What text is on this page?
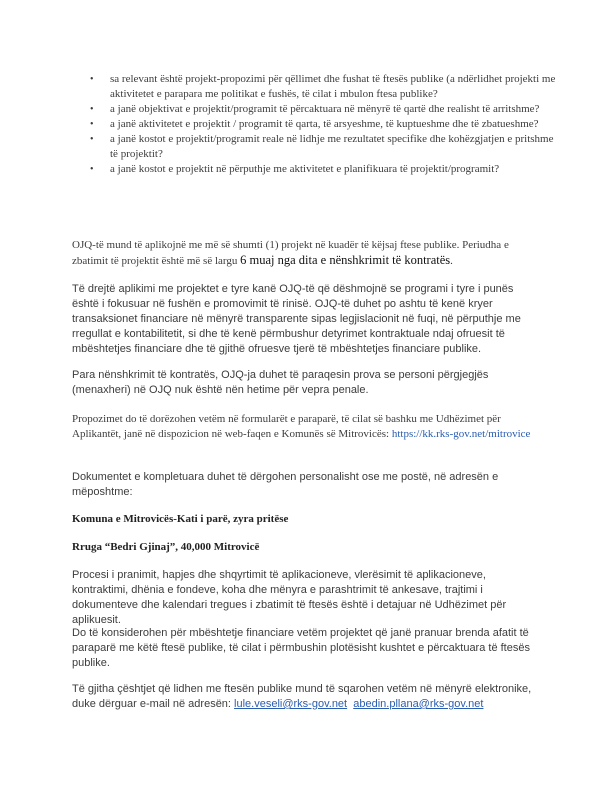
•	sa relevant është projekt-propozimi për qëllimet dhe fushat të ftesës publike (a ndërlidhet projekti me aktivitetet e parapara me politikat e fushës, të cilat i mbulon ftesa publike?
•	a janë objektivat e projektit/programit të përcaktuara në mënyrë të qartë dhe realisht të arritshme?
•	a janë aktivitetet e projektit / programit të qarta, të arsyeshme, të kuptueshme dhe të zbatueshme?
•	a janë kostot e projektit/programit reale në lidhje me rezultatet specifike dhe kohëzgjatjen e pritshme të projektit?
•	a janë kostot e projektit në përputhje me aktivitetet e planifikuara të projektit/programit?

OJQ-të mund të aplikojnë me më së shumti (1) projekt në kuadër të këjsaj ftese publike. Periudha e zbatimit të projektit është më së largu 6 muaj nga dita e nënshkrimit të kontratës.

Të drejtë aplikimi me projektet e tyre kanë OJQ-të që dëshmojnë se programi i tyre i punës është i fokusuar në fushën e promovimit të rinisë. OJQ-të duhet po ashtu të kenë kryer transaksionet financiare në mënyrë transparente sipas legjislacionit në fuqi, në përputhje me rregullat e kontabilitetit, si dhe të kenë përmbushur detyrimet kontraktuale ndaj ofruesit të mbështetjes financiare dhe të gjithë ofruesve tjerë të mbështetjes financiare publike.

Para nënshkrimit të kontratës, OJQ-ja duhet të paraqesin prova se personi përgjegjës (menaxheri) në OJQ nuk është nën hetime për vepra penale.

Propozimet do të dorëzohen vetëm në formularët e paraparë, të cilat së bashku me Udhëzimet për Aplikantët, janë në dispozicion në web-faqen e Komunës së Mitrovicës: https://kk.rks-gov.net/mitrovice

Dokumentet e kompletuara duhet të dërgohen personalisht ose me postë, në adresën e mëposhtme:

Komuna e Mitrovicës-Kati i parë, zyra pritëse

Rruga “Bedri Gjinaj”, 40,000 Mitrovicë

Procesi i pranimit, hapjes dhe shqyrtimit të aplikacioneve, vlerësimit të aplikacioneve, kontraktimi, dhënia e fondeve, koha dhe mënyra e parashtrimit të ankesave, trajtimi i dokumenteve dhe kalendari tregues i zbatimit të ftesës është i detajuar në Udhëzimet për aplikuesit.

Do të konsiderohen për mbështetje financiare vetëm projektet që janë pranuar brenda afatit të paraparë me këtë ftesë publike, të cilat i përmbushin plotësisht kushtet e përcaktuara të ftesës publike.

Të gjitha çështjet që lidhen me ftesën publike mund të sqarohen vetëm në mënyrë elektronike, duke dërguar e-mail në adresën: lule.veseli@rks-gov.net abedin.pllana@rks-gov.net
